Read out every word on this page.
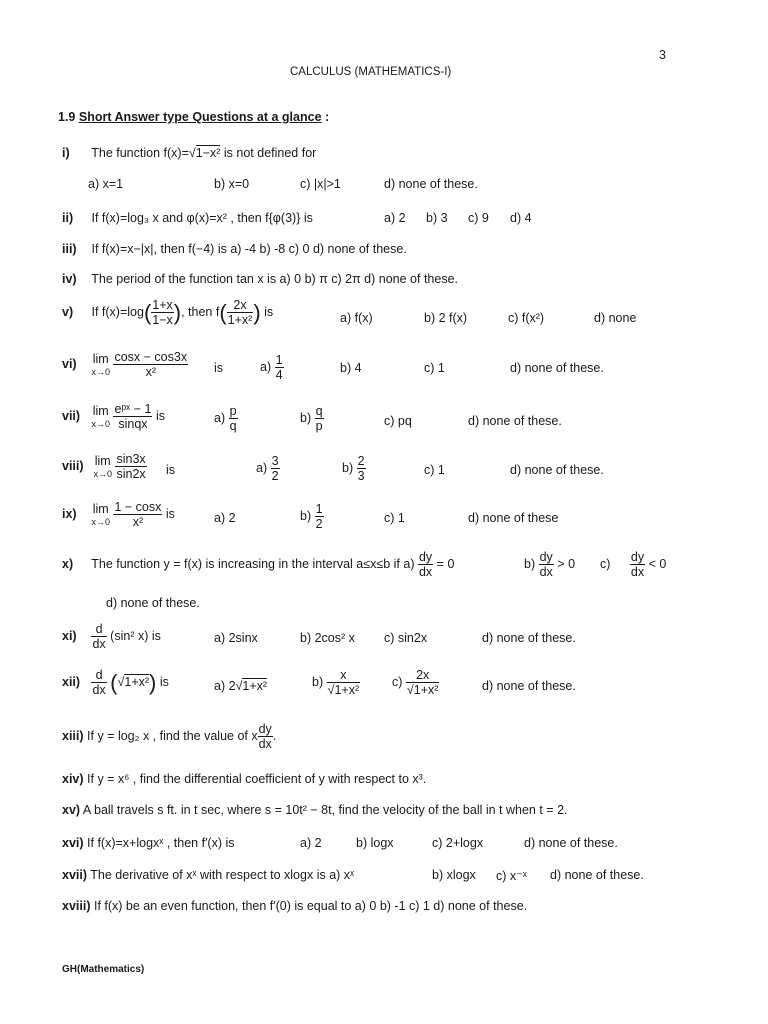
3
CALCULUS (MATHEMATICS-I)
1.9 Short Answer type Questions at a glance :
i) The function f(x)=√1−x² is not defined for
a) x=1	b) x=0	c) |x|>1	d) none of these.
ii) If f(x)=log₃ x and φ(x)=x² , then f{φ(3)} is	a) 2 b) 3 c) 9 d) 4
iii) If f(x)=x−|x|, then f(−4) is a) -4 b) -8 c) 0 d) none of these.
iv) The period of the function tan x is a) 0 b) π c) 2π d) none of these.
v) If $f(x)=\log( \frac{1+x}{1-x}$ ), then $f( \frac{2x}{\text{1+x²}}$ ) is	a) f(x)	b) 2 f(x)	c) f(x²)	d) none
vi) lim
x→0
$\frac{\cos x - \cos 3x}{\text{x²}}$ is	$a) \frac{1}{4}$	b) 4	c) 1	d) none of these.
vii) lim
x→0
$\frac{\text{eᵖˣ − 1}}{\text{sinqx}}$ is	$a) \frac{p}{q}$	$b) \frac{q}{p}$	c) pq	d) none of these.
viii) lim
x→0
$\frac{\sin 3x}{\sin 2x}$ is	$a) \frac{3}{2}$	$b) \frac{2}{3}$	c) 1	d) none of these.
ix) lim
x→0
$\frac{1 - \cos x}{\text{x²}}$ is	a) 2	$b) \frac{1}{2}$	c) 1	d) none of these
x) The function y = f(x) is increasing in the interval a≤x≤b if $a) \frac{dy}{dx} = 0$	$b) \frac{dy}{dx} > 0$ $c) \frac{dy}{dx} < 0$
d) none of these.
$xi) \frac{d}{dx} (\sin^2$ x) is	a) 2sinx	b) 2cos² x c) sin2x	d) none of these.
$xii) \frac{d}{dx} (√1+x^2)$ is	a) 2√1+x²	$b) \frac{x}{\text{√1+x²}}$	$c) \frac{2x}{\text{√1+x²}}$	d) none of these.
xiii) If y = log₂ x , find the value of x $\frac{dy}{dx}$ .
xiv) If y = x⁶ , find the differential coefficient of y with respect to x³.
xv) A ball travels s ft. in t sec, where s = 10t² − 8t, find the velocity of the ball in t when t = 2.
xvi) If f(x)=x+logxˣ , then f′(x) is	a) 2	b) logx	c) 2+logx	d) none of these.
xvii) The derivative of xˣ with respect to xlogx is a) xˣ	b) xlogx c) x⁻ˣ d) none of these.
xviii) If f(x) be an even function, then f′(0) is equal to a) 0 b) -1 c) 1 d) none of these.
GH(Mathematics)
